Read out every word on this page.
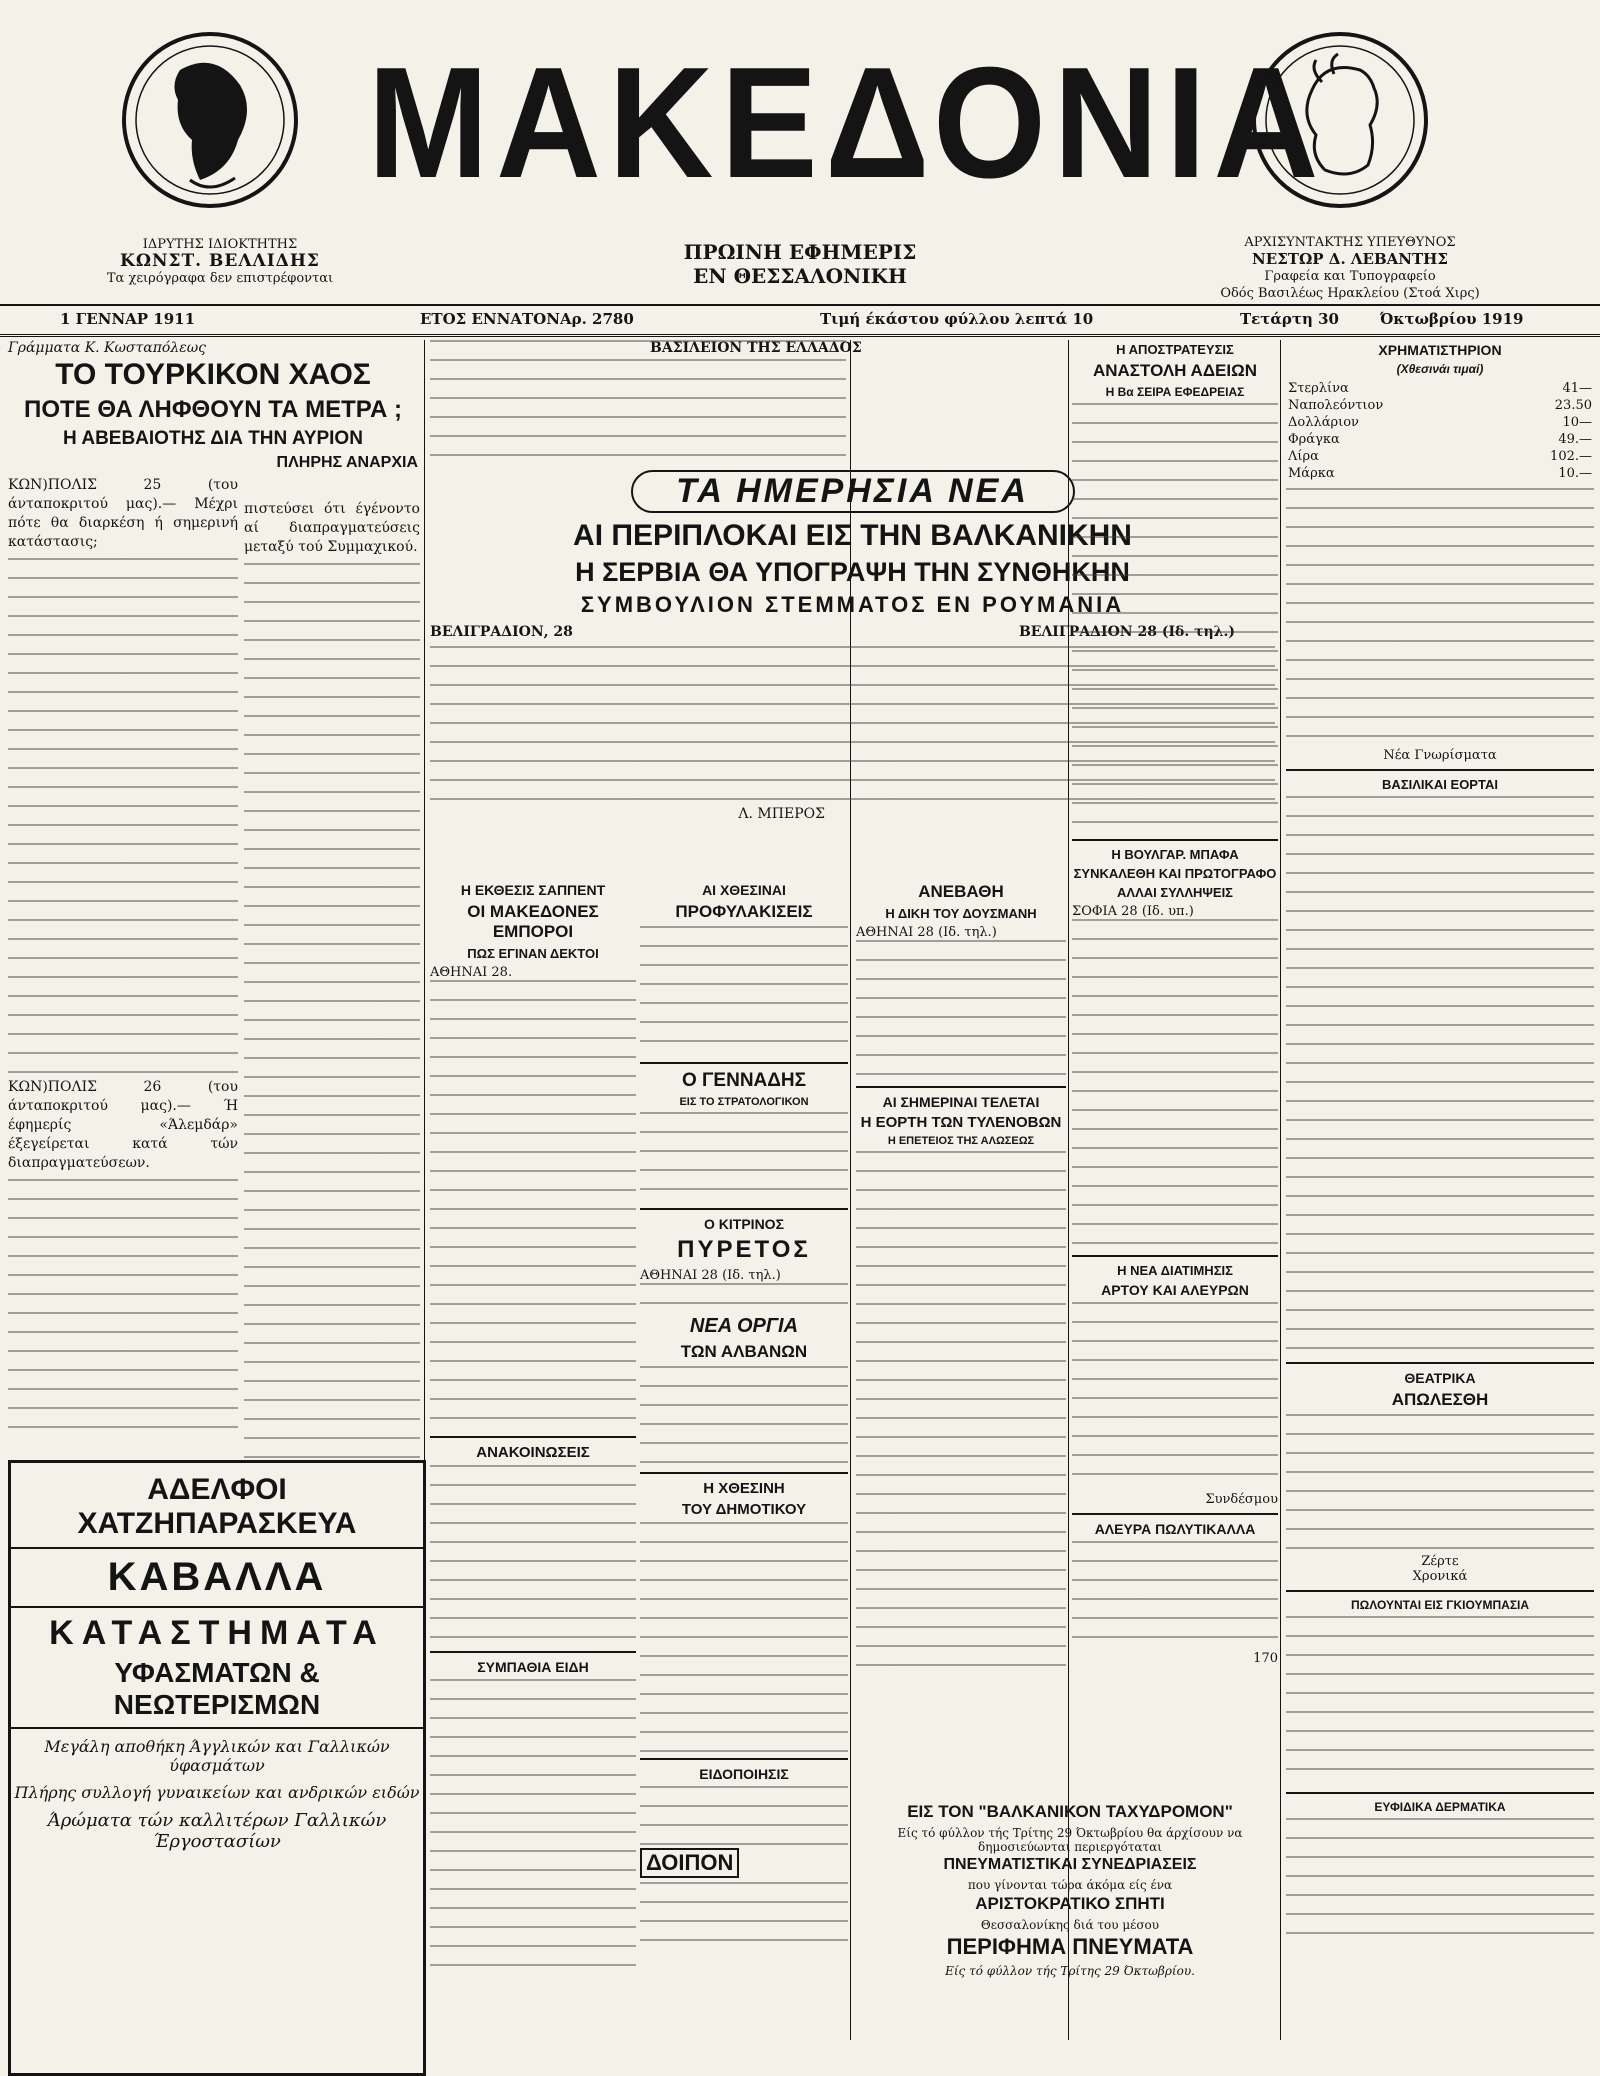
ΜΑΚΕΔΟΝΙΑ
ΙΔΡΥΤΗΣ ΙΔΙΟΚΤΗΤΗΣ
ΚΩΝΣΤ. ΒΕΛΛΙΔΗΣ
Τα χειρόγραφα δεν επιστρέφονται
ΠΡΩΙΝΗ ΕΦΗΜΕΡΙΣ
ΕΝ ΘΕΣΣΑΛΟΝΙΚΗ
ΑΡΧΙΣΥΝΤΑΚΤΗΣ ΥΠΕΥΘΥΝΟΣ
ΝΕΣΤΩΡ Δ. ΛΕΒΑΝΤΗΣ
Γραφεία και Τυπογραφείο
Οδός Βασιλέως Ηρακλείου (Στοά Χιρς)
1 ΓΕΝΝΑΡ 1911	ΕΤΟΣ ΕΝΝΑΤΟΝ Αρ. 2780	Τιμή έκάστου φύλλου λεπτά 10	Τετάρτη 30	Όκτωβρίου 1919
Γράμματα Κ. Κωσταπόλεως
ΤΟ ΤΟΥΡΚΙΚΟΝ ΧΑΟΣ
ΠΟΤΕ ΘΑ ΛΗΦΘΟΥΝ ΤΑ ΜΕΤΡΑ ;
Η ΑΒΕΒΑΙΟΤΗΣ ΔΙΑ ΤΗΝ ΑΥΡΙΟΝ
ΠΛΗΡΗΣ ΑΝΑΡΧΙΑ

ΚΩΝ)ΠΟΛΙΣ 25 (του άνταποκριτού μας).— Μέχρι πότε θα διαρκέση ή σημερινή κατάστασις;

ΚΩΝ)ΠΟΛΙΣ 26 (του άνταποκριτού μας).— Ή έφημερίς «Άλεμδάρ» έξεγείρεται κατά τών διαπραγματεύσεων.

πιστεύσει ότι έγένοντο αί διαπραγματεύσεις μεταξύ τού Συμμαχικού.

ΑΔΕΛΦΟΙ ΧΑΤΖΗΠΑΡΑΣΚΕΥΑ
ΚΑΒΑΛΛΑ
ΚΑΤΑΣΤΗΜΑΤΑ
ΥΦΑΣΜΑΤΩΝ & ΝΕΩΤΕΡΙΣΜΩΝ
Μεγάλη αποθήκη Άγγλικών και Γαλλικών ύφασμάτων
Πλήρης συλλογή γυναικείων και ανδρικών ειδών
Άρώματα τών καλλιτέρων Γαλλικών Έργοστασίων
ΒΑΣΙΛΕΙΟΝ ΤΗΣ ΕΛΛΑΔΟΣ
ΤΑ ΗΜΕΡΗΣΙΑ ΝΕΑ
ΑΙ ΠΕΡΙΠΛΟΚΑΙ ΕΙΣ ΤΗΝ ΒΑΛΚΑΝΙΚΗΝ
Η ΣΕΡΒΙΑ ΘΑ ΥΠΟΓΡΑΨΗ ΤΗΝ ΣΥΝΘΗΚΗΝ
ΣΥΜΒΟΥΛΙΟΝ ΣΤΕΜΜΑΤΟΣ ΕΝ ΡΟΥΜΑΝΙΑ
ΒΕΛΙΓΡΑΔΙΟΝ, 28	ΒΕΛΙΓΡΑΔΙΟΝ 28 (Ιδ. τηλ.)
Λ. ΜΠΕΡΟΣ
Η ΕΚΘΕΣΙΣ ΣΑΠΠΕΝΤ
ΟΙ ΜΑΚΕΔΟΝΕΣ ΕΜΠΟΡΟΙ
ΠΩΣ ΕΓΙΝΑΝ ΔΕΚΤΟΙ
ΑΘΗΝΑΙ 28.
ΑΝΑΚΟΙΝΩΣΕΙΣ
ΣΥΜΠΑΘΙΑ ΕΙΔΗ
ΑΙ ΧΘΕΣΙΝΑΙ
ΠΡΟΦΥΛΑΚΙΣΕΙΣ
Ο ΓΕΝΝΑΔΗΣ
ΕΙΣ ΤΟ ΣΤΡΑΤΟΛΟΓΙΚΟΝ
Ο ΚΙΤΡΙΝΟΣ
ΠΥΡΕΤΟΣ
ΑΘΗΝΑΙ 28 (Ιδ. τηλ.)
ΝΕΑ ΟΡΓΙΑ
ΤΩΝ ΑΛΒΑΝΩΝ
Η ΧΘΕΣΙΝΗ
ΤΟΥ ΔΗΜΟΤΙΚΟΥ
ΕΙΔΟΠΟΙΗΣΙΣ
ΔΟΙΠΟΝ
ΑΝΕΒΑΘΗ
Η ΔΙΚΗ ΤΟΥ ΔΟΥΣΜΑΝΗ
ΑΘΗΝΑΙ 28 (Ιδ. τηλ.)
ΑΙ ΣΗΜΕΡΙΝΑΙ ΤΕΛΕΤΑΙ
Η ΕΟΡΤΗ ΤΩΝ ΤΥΛΕΝΟΒΩΝ
Η ΕΠΕΤΕΙΟΣ ΤΗΣ ΑΛΩΣΕΩΣ
Η ΑΠΟΣΤΡΑΤΕΥΣΙΣ
ΑΝΑΣΤΟΛΗ ΑΔΕΙΩΝ
Η Βα ΣΕΙΡΑ ΕΦΕΔΡΕΙΑΣ
Η ΒΟΥΛΓΑΡ. ΜΠΑΦΑ
ΣΥΝΚΑΛΕΘΗ ΚΑΙ ΠΡΩΤΟΓΡΑΦΟ
ΑΛΛΑΙ ΣΥΛΛΗΨΕΙΣ
ΣΟΦΙΑ 28 (Ιδ. υπ.)
Η ΝΕΑ ΔΙΑΤΙΜΗΣΙΣ
ΑΡΤΟΥ ΚΑΙ ΑΛΕΥΡΩΝ
Συνδέσμου
ΑΛΕΥΡΑ ΠΩΛΥΤΙΚΑΛΛΑ
170
ΕΙΣ ΤΟΝ "ΒΑΛΚΑΝΙΚΟΝ ΤΑΧΥΔΡΟΜΟΝ"
Είς τό φύλλον τής Τρίτης 29 Όκτωβρίου θα άρχίσουν να δημοσιεύωνται περιεργόταται
ΠΝΕΥΜΑΤΙΣΤΙΚΑΙ ΣΥΝΕΔΡΙΑΣΕΙΣ
που γίνονται τώρα άκόμα είς ένα
ΑΡΙΣΤΟΚΡΑΤΙΚΟ ΣΠΗΤΙ
Θεσσαλονίκης διά του μέσου
ΠΕΡΙΦΗΜΑ ΠΝΕΥΜΑΤΑ
Είς τό φύλλον τής Τρίτης 29 Όκτωβρίου.
ΧΡΗΜΑΤΙΣΤΗΡΙΟΝ
(Χθεσινάι τιμαί)
Στερλίνα	41—
Ναπολεόντιον	23.50
Δολλάριον	10—
Φράγκα	49.—
Λίρα	102.—
Μάρκα	10.—
Νέα Γνωρίσματα
ΒΑΣΙΛΙΚΑΙ ΕΟΡΤΑΙ
ΘΕΑΤΡΙΚΑ
ΑΠΩΛΕΣΘΗ
Ζέρτε
Χρονικά
ΠΩΛΟΥΝΤΑΙ ΕΙΣ ΓΚΙΟΥΜΠΑΣΙΑ
ΕΥΦΙΔΙΚΑ ΔΕΡΜΑΤΙΚΑ
